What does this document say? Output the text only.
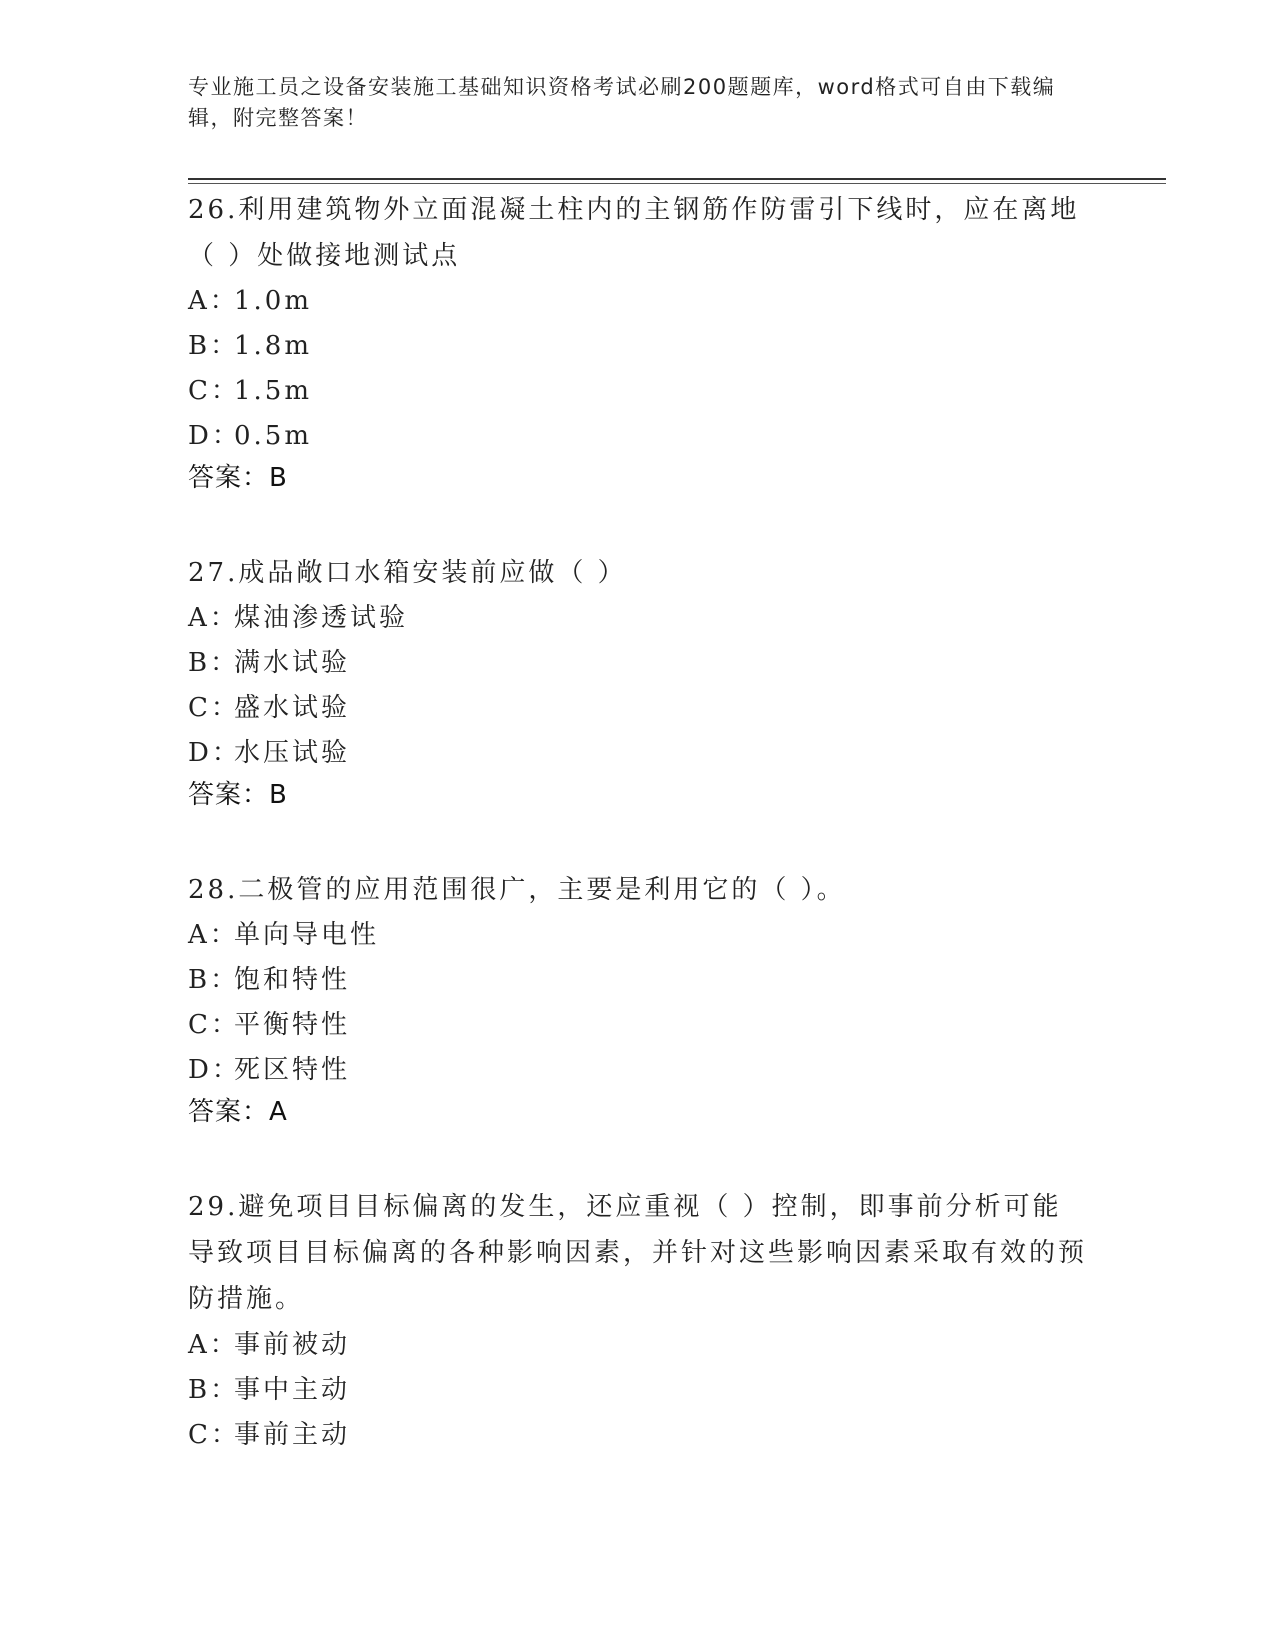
专业施工员之设备安装施工基础知识资格考试必刷200题题库，word格式可自由下载编辑，附完整答案！
26.利用建筑物外立面混凝土柱内的主钢筋作防雷引下线时，应在离地（ ）处做接地测试点
A：1.0m
B：1.8m
C：1.5m
D：0.5m
答案：B
27.成品敞口水箱安装前应做（ ）
A：煤油渗透试验
B：满水试验
C：盛水试验
D：水压试验
答案：B
28.二极管的应用范围很广，主要是利用它的（ ）。
A：单向导电性
B：饱和特性
C：平衡特性
D：死区特性
答案：A
29.避免项目目标偏离的发生，还应重视（ ）控制，即事前分析可能导致项目目标偏离的各种影响因素，并针对这些影响因素采取有效的预防措施。
A：事前被动
B：事中主动
C：事前主动
